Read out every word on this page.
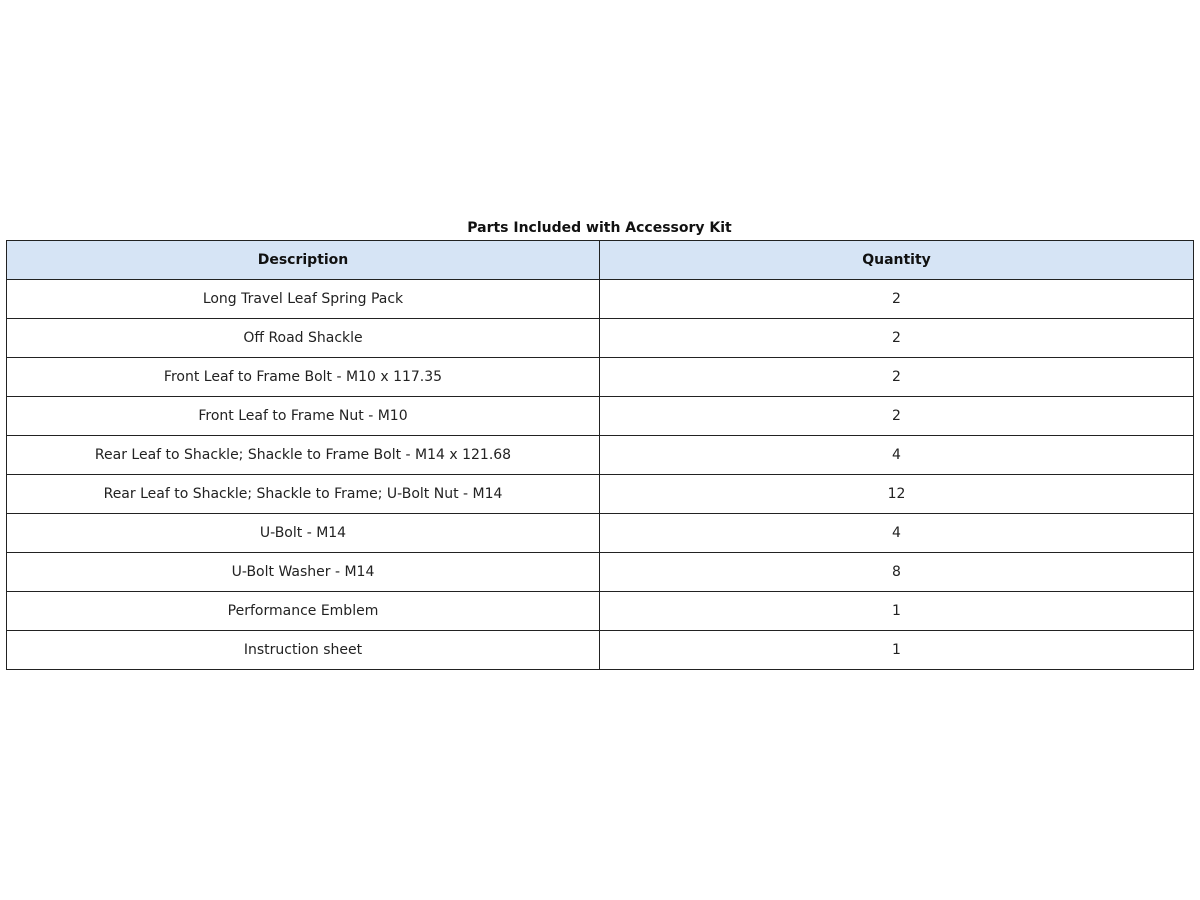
Parts Included with Accessory Kit
Description	Quantity
Long Travel Leaf Spring Pack	2
Off Road Shackle	2
Front Leaf to Frame Bolt - M10 x 117.35	2
Front Leaf to Frame Nut - M10	2
Rear Leaf to Shackle; Shackle to Frame Bolt - M14 x 121.68	4
Rear Leaf to Shackle; Shackle to Frame; U-Bolt Nut - M14	12
U-Bolt - M14	4
U-Bolt Washer - M14	8
Performance Emblem	1
Instruction sheet	1
